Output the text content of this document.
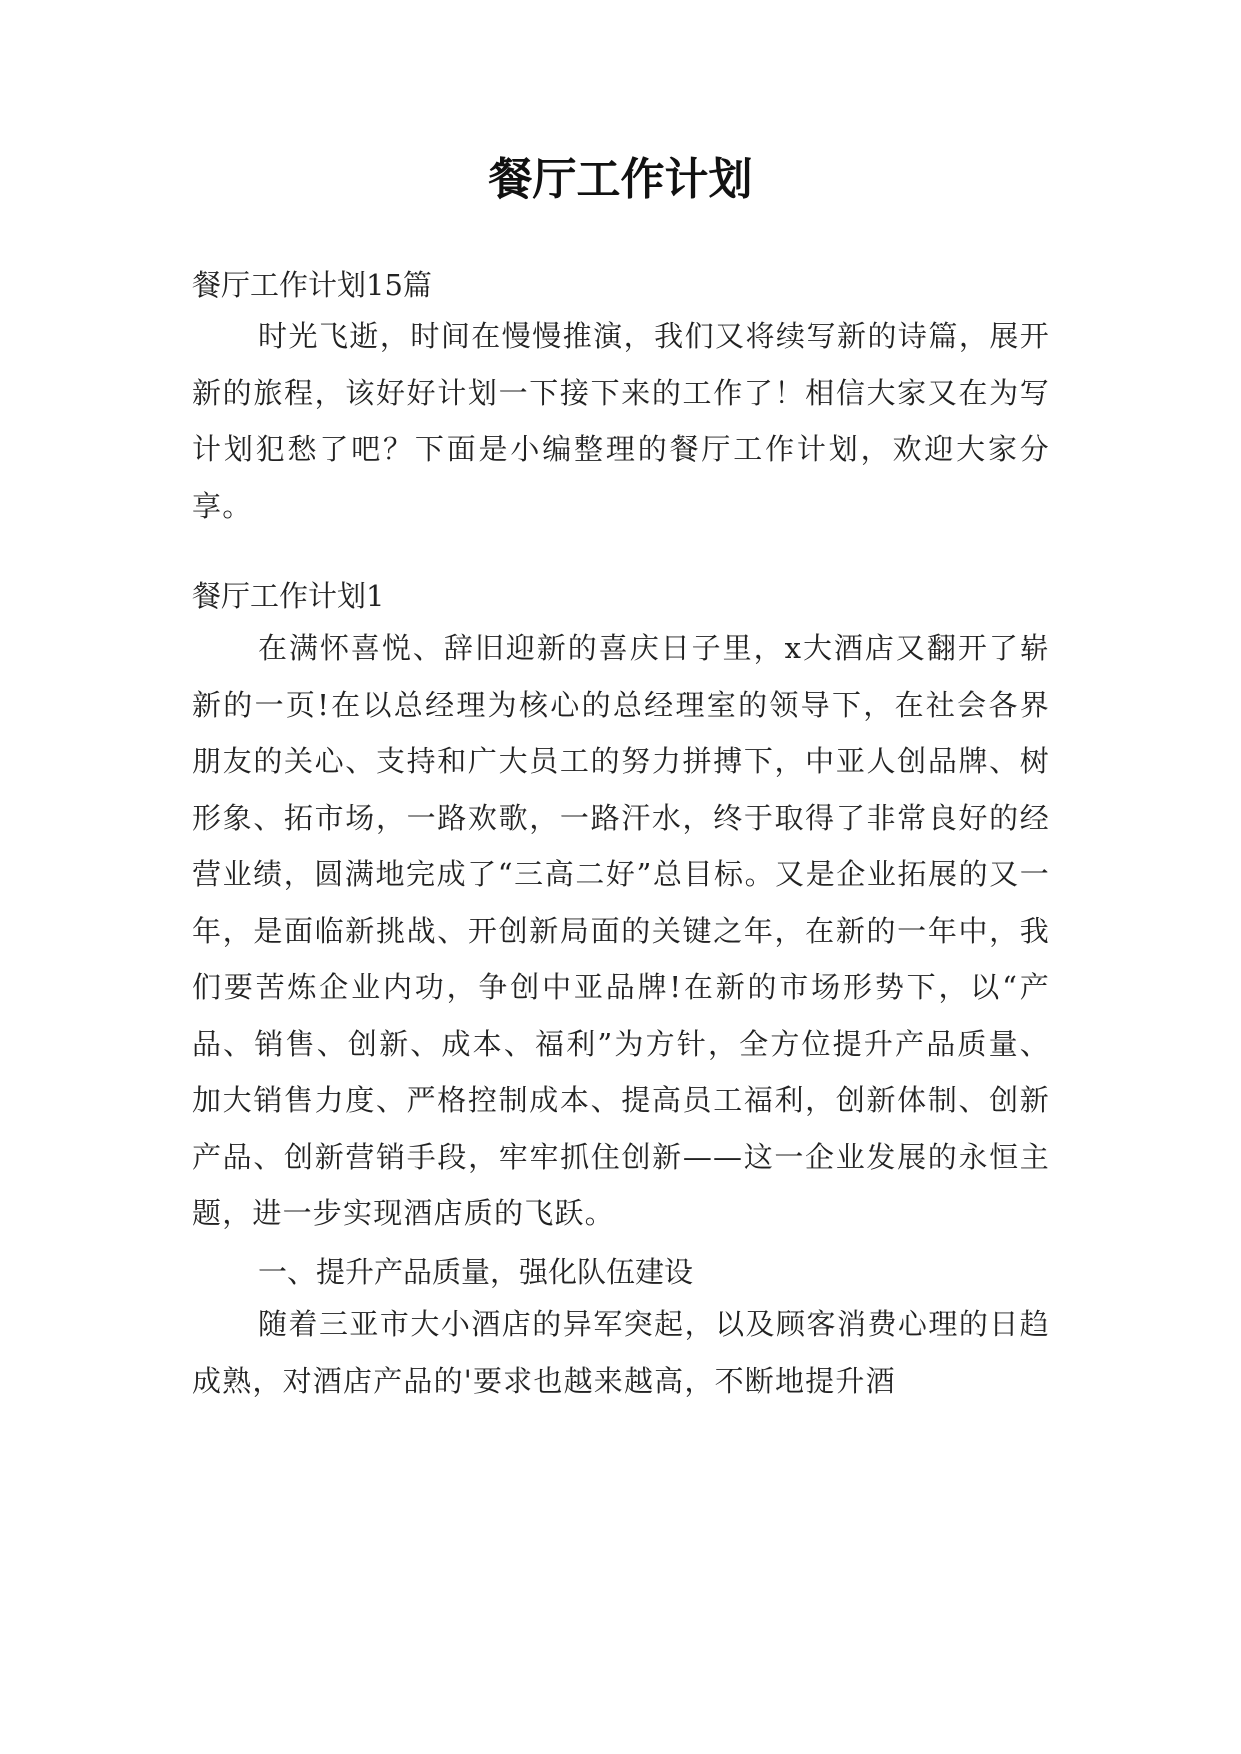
餐厅工作计划
餐厅工作计划15篇
时光飞逝，时间在慢慢推演，我们又将续写新的诗篇，展开新的旅程，该好好计划一下接下来的工作了！相信大家又在为写计划犯愁了吧？下面是小编整理的餐厅工作计划，欢迎大家分享。
餐厅工作计划1
在满怀喜悦、辞旧迎新的喜庆日子里，x大酒店又翻开了崭新的一页!在以总经理为核心的总经理室的领导下，在社会各界朋友的关心、支持和广大员工的努力拼搏下，中亚人创品牌、树形象、拓市场，一路欢歌，一路汗水，终于取得了非常良好的经营业绩，圆满地完成了“三高二好”总目标。又是企业拓展的又一年，是面临新挑战、开创新局面的关键之年，在新的一年中，我们要苦炼企业内功，争创中亚品牌!在新的市场形势下，以“产品、销售、创新、成本、福利”为方针，全方位提升产品质量、加大销售力度、严格控制成本、提高员工福利，创新体制、创新产品、创新营销手段，牢牢抓住创新——这一企业发展的永恒主题，进一步实现酒店质的飞跃。
一、提升产品质量，强化队伍建设
随着三亚市大小酒店的异军突起，以及顾客消费心理的日趋成熟，对酒店产品的'要求也越来越高，不断地提升酒
